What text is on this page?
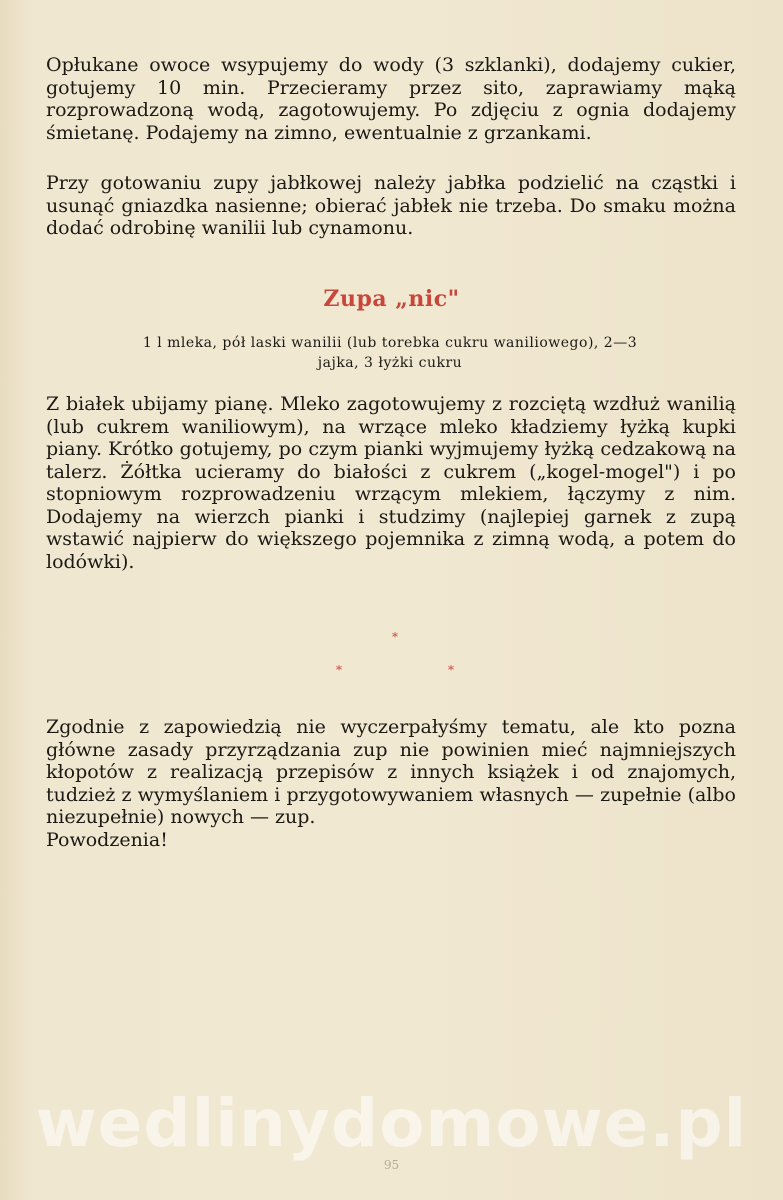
Opłukane owoce wsypujemy do wody (3 szklanki), dodajemy cukier, gotujemy 10 min. Przecieramy przez sito, zaprawiamy mąką rozprowadzoną wodą, zagotowujemy. Po zdjęciu z ognia dodajemy śmietanę. Podajemy na zimno, ewentualnie z grzankami.

Przy gotowaniu zupy jabłkowej należy jabłka podzielić na cząstki i usunąć gniazdka nasienne; obierać jabłek nie trzeba. Do smaku można dodać odrobinę wanilii lub cynamonu.

Zupa „nic"
1 l mleka, pół laski wanilii (lub torebka cukru waniliowego), 2—3 jajka, 3 łyżki cukru

Z białek ubijamy pianę. Mleko zagotowujemy z rozciętą wzdłuż wanilią (lub cukrem waniliowym), na wrzące mleko kładziemy łyżką kupki piany. Krótko gotujemy, po czym pianki wyjmujemy łyżką cedzakową na talerz. Żółtka ucieramy do białości z cukrem („kogel-mogel") i po stopniowym rozprowadzeniu wrzącym mlekiem, łączymy z nim. Dodajemy na wierzch pianki i studzimy (najlepiej garnek z zupą wstawić najpierw do większego pojemnika z zimną wodą, a potem do lodówki).

*
*	*

Zgodnie z zapowiedzią nie wyczerpałyśmy tematu, ale kto pozna główne zasady przyrządzania zup nie powinien mieć najmniejszych kłopotów z realizacją przepisów z innych książek i od znajomych, tudzież z wymyślaniem i przygotowywaniem własnych — zupełnie (albo niezupełnie) nowych — zup.

Powodzenia!

wedlinydomowe.pl
95
